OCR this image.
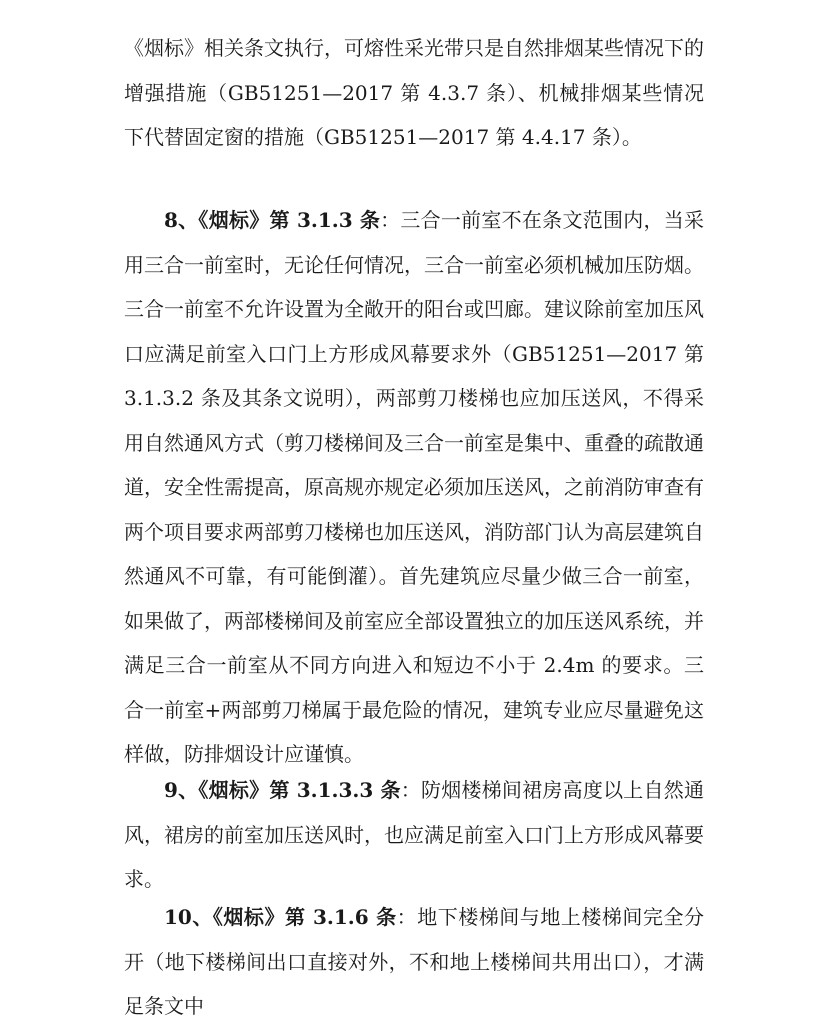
《烟标》相关条文执行，可熔性采光带只是自然排烟某些情况下的增强措施（GB51251—2017 第 4.3.7 条）、机械排烟某些情况下代替固定窗的措施（GB51251—2017 第 4.4.17 条）。

8、《烟标》第 3.1.3 条：三合一前室不在条文范围内，当采用三合一前室时，无论任何情况，三合一前室必须机械加压防烟。三合一前室不允许设置为全敞开的阳台或凹廊。建议除前室加压风口应满足前室入口门上方形成风幕要求外（GB51251—2017 第 3.1.3.2 条及其条文说明），两部剪刀楼梯也应加压送风，不得采用自然通风方式（剪刀楼梯间及三合一前室是集中、重叠的疏散通道，安全性需提高，原高规亦规定必须加压送风，之前消防审查有两个项目要求两部剪刀楼梯也加压送风，消防部门认为高层建筑自然通风不可靠，有可能倒灌）。首先建筑应尽量少做三合一前室，如果做了，两部楼梯间及前室应全部设置独立的加压送风系统，并满足三合一前室从不同方向进入和短边不小于 2.4m 的要求。三合一前室+两部剪刀梯属于最危险的情况，建筑专业应尽量避免这样做，防排烟设计应谨慎。

9、《烟标》第 3.1.3.3 条：防烟楼梯间裙房高度以上自然通风，裙房的前室加压送风时，也应满足前室入口门上方形成风幕要求。

10、《烟标》第 3.1.6 条：地下楼梯间与地上楼梯间完全分开（地下楼梯间出口直接对外，不和地上楼梯间共用出口），才满足条文中
